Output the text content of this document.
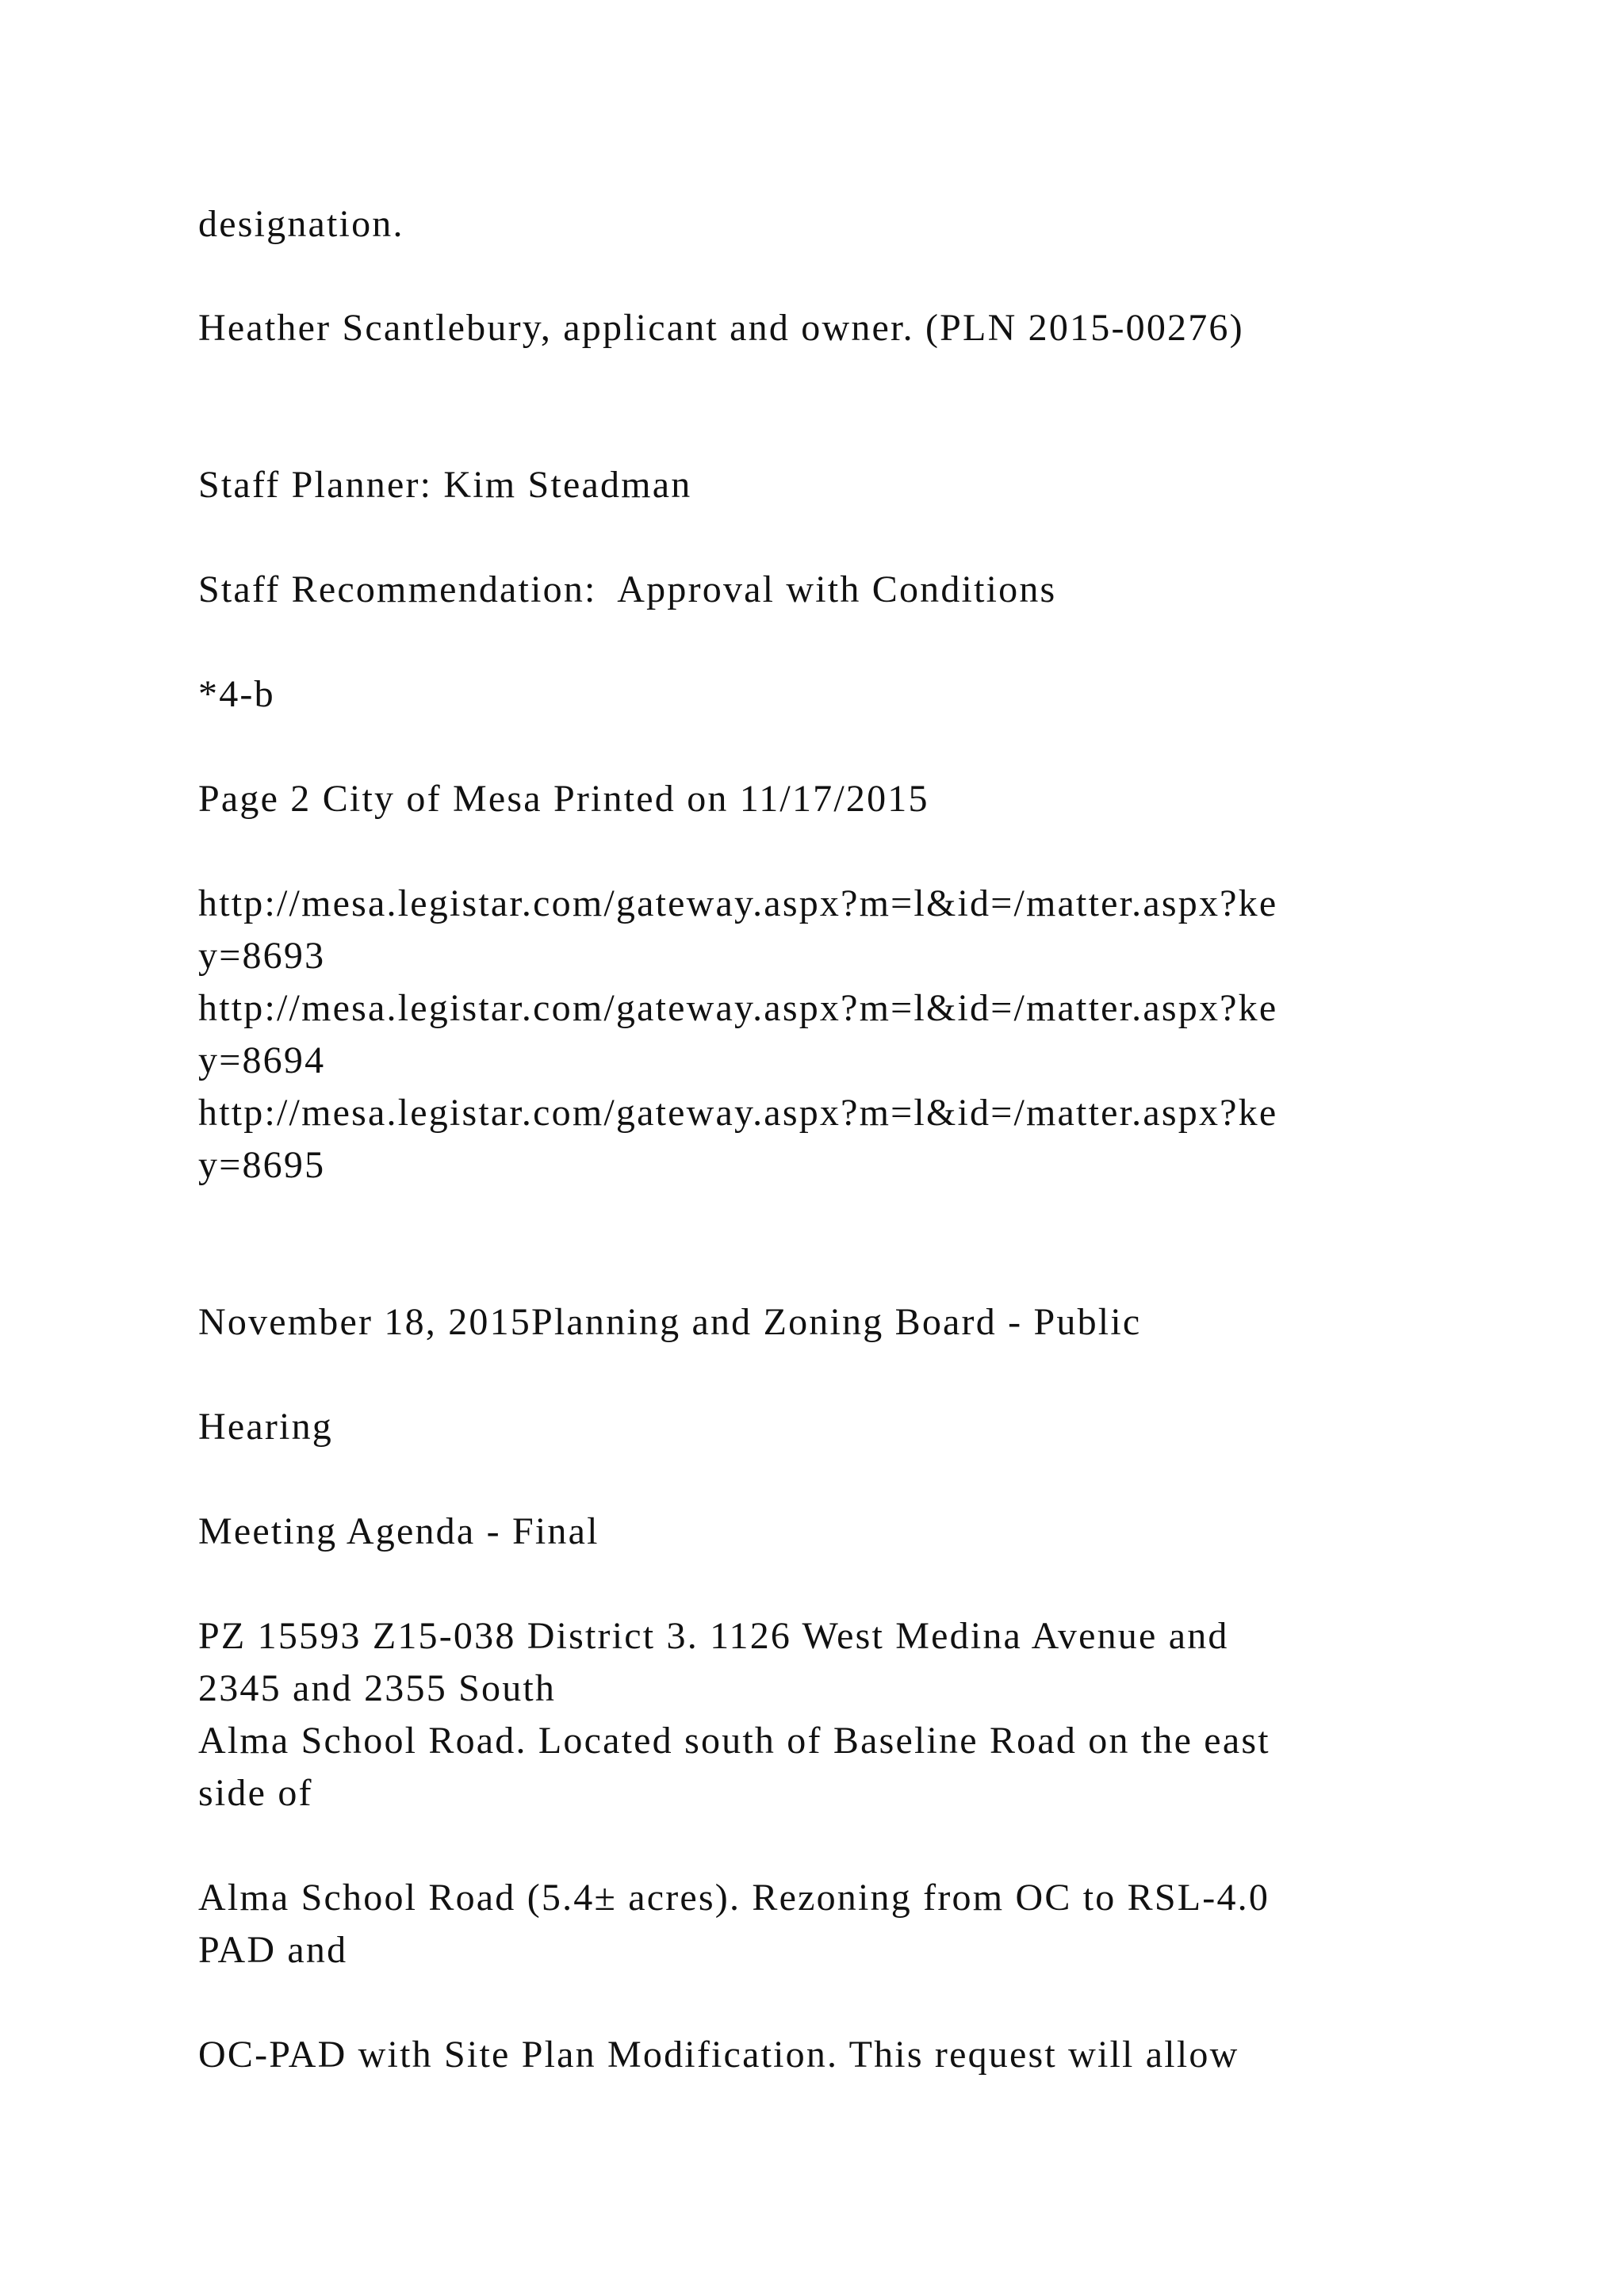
designation.

Heather Scantlebury, applicant and owner. (PLN 2015-00276)

Staff Planner: Kim Steadman

Staff Recommendation:  Approval with Conditions

*4-b

Page 2 City of Mesa Printed on 11/17/2015

http://mesa.legistar.com/gateway.aspx?m=l&id=/matter.aspx?ke

y=8693

http://mesa.legistar.com/gateway.aspx?m=l&id=/matter.aspx?ke

y=8694

http://mesa.legistar.com/gateway.aspx?m=l&id=/matter.aspx?ke

y=8695

November 18, 2015Planning and Zoning Board - Public

Hearing

Meeting Agenda - Final

PZ 15593 Z15-038 District 3. 1126 West Medina Avenue and

2345 and 2355 South

Alma School Road. Located south of Baseline Road on the east

side of

Alma School Road (5.4± acres). Rezoning from OC to RSL-4.0

PAD and

OC-PAD with Site Plan Modification. This request will allow
